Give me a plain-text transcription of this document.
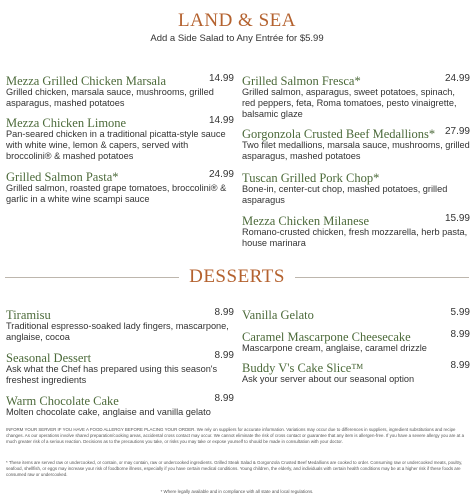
LAND & SEA
Add a Side Salad to Any Entrée for $5.99
Mezza Grilled Chicken Marsala	14.99
Grilled chicken, marsala sauce, mushrooms, grilled asparagus, mashed potatoes
Mezza Chicken Limone	14.99
Pan-seared chicken in a traditional picatta-style sauce with white wine, lemon & capers, served with broccolini® & mashed potatoes
Grilled Salmon Pasta*	24.99
Grilled salmon, roasted grape tomatoes, broccolini® & garlic in a white wine scampi sauce
Grilled Salmon Fresca*	24.99
Grilled salmon, asparagus, sweet potatoes, spinach, red peppers, feta, Roma tomatoes, pesto vinaigrette, balsamic glaze
Gorgonzola Crusted Beef Medallions* 27.99
Two filet medallions, marsala sauce, mushrooms, grilled asparagus, mashed potatoes
Tuscan Grilled Pork Chop*
Bone-in, center-cut chop, mashed potatoes, grilled asparagus
Mezza Chicken Milanese	15.99
Romano-crusted chicken, fresh mozzarella, herb pasta, house marinara
DESSERTS
Tiramisu	8.99
Traditional espresso-soaked lady fingers, mascarpone, anglaise, cocoa
Seasonal Dessert	8.99
Ask what the Chef has prepared using this season's freshest ingredients
Warm Chocolate Cake	8.99
Molten chocolate cake, anglaise and vanilla gelato
Vanilla Gelato	5.99
Caramel Mascarpone Cheesecake	8.99
Mascarpone cream, anglaise, caramel drizzle
Buddy V's Cake Slice™	8.99
Ask your server about our seasonal option
INFORM YOUR SERVER IF YOU HAVE A FOOD ALLERGY BEFORE PLACING YOUR ORDER. We rely on suppliers for accurate information. Variations may occur due to differences in suppliers, ingredient substitutions and recipe changes. As our operations involve shared preparation/cooking areas, accidental cross contact may occur. We cannot eliminate the risk of cross contact or guarantee that any item is allergen-free. If you have a severe allergy you are at a much greater risk of a serious reaction. Decisions as to the precautions you take, or risks you may take or expose yourself to should be made in consultation with your doctor.
* These items are served raw or undercooked, or contain, or may contain, raw or undercooked ingredients. Grilled Steak Salad & Gorgonzola Crusted Beef Medallions are cooked to order. Consuming raw or undercooked meats, poultry, seafood, shellfish, or eggs may increase your risk of foodborne illness, especially if you have certain medical conditions. Young children, the elderly, and individuals with certain health conditions may be at a higher risk if these foods are consumed raw or undercooked.
* Where legally available and in compliance with all state and local regulations.
